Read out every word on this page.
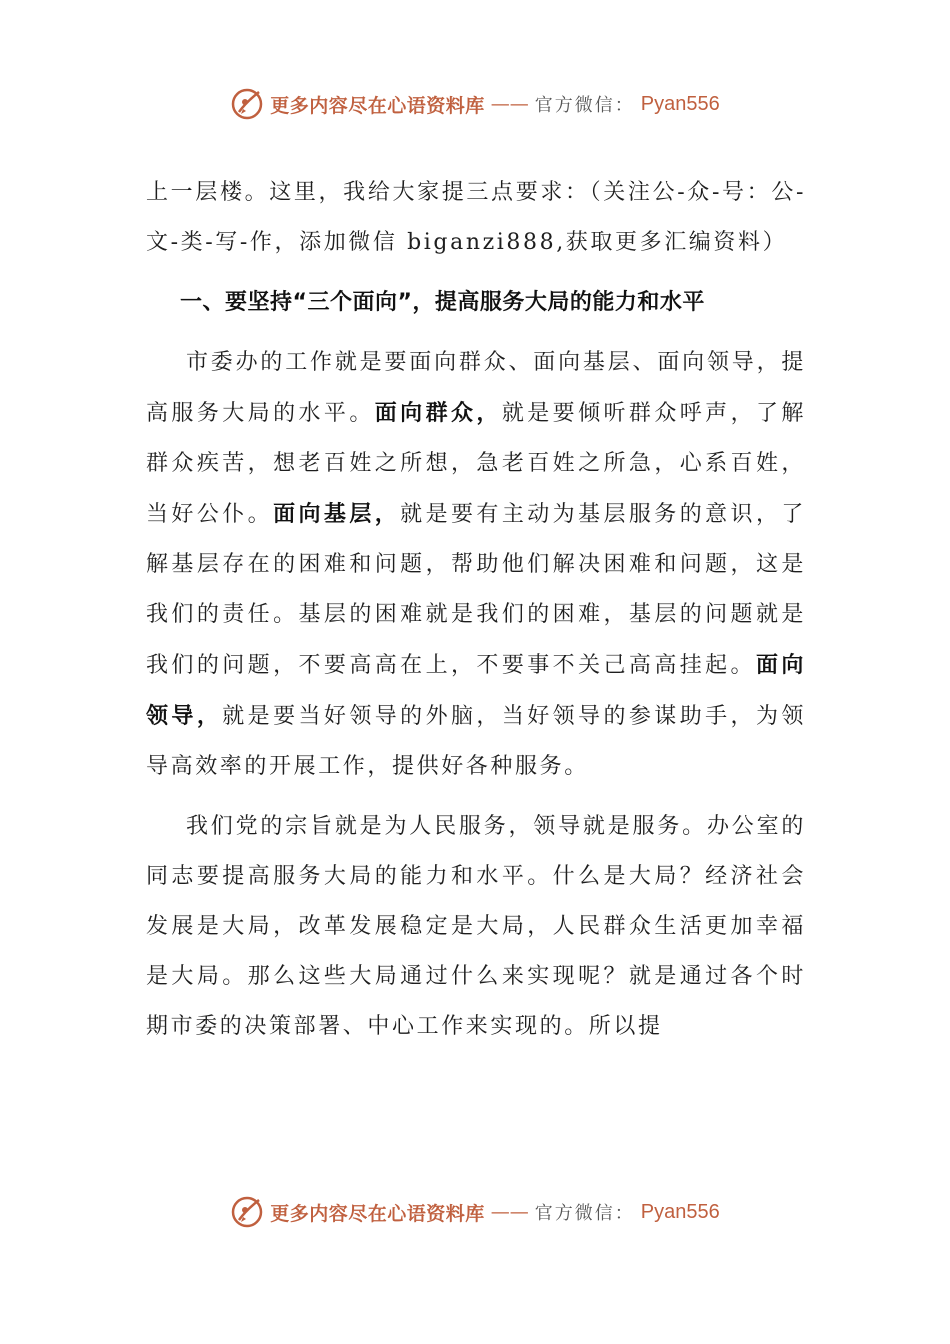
更多内容尽在心语资料库 —— 官方微信： Pyan556

上一层楼。这里，我给大家提三点要求：（关注公-众-号：公-文-类-写-作，添加微信 biganzi888,获取更多汇编资料）

一、要坚持“三个面向”，提高服务大局的能力和水平

市委办的工作就是要面向群众、面向基层、面向领导，提高服务大局的水平。面向群众，就是要倾听群众呼声，了解群众疾苦，想老百姓之所想，急老百姓之所急，心系百姓，当好公仆。面向基层，就是要有主动为基层服务的意识，了解基层存在的困难和问题，帮助他们解决困难和问题，这是我们的责任。基层的困难就是我们的困难，基层的问题就是我们的问题，不要高高在上，不要事不关己高高挂起。面向领导，就是要当好领导的外脑，当好领导的参谋助手，为领导高效率的开展工作，提供好各种服务。

我们党的宗旨就是为人民服务，领导就是服务。办公室的同志要提高服务大局的能力和水平。什么是大局？经济社会发展是大局，改革发展稳定是大局，人民群众生活更加幸福是大局。那么这些大局通过什么来实现呢？就是通过各个时期市委的决策部署、中心工作来实现的。所以提

更多内容尽在心语资料库 —— 官方微信： Pyan556
